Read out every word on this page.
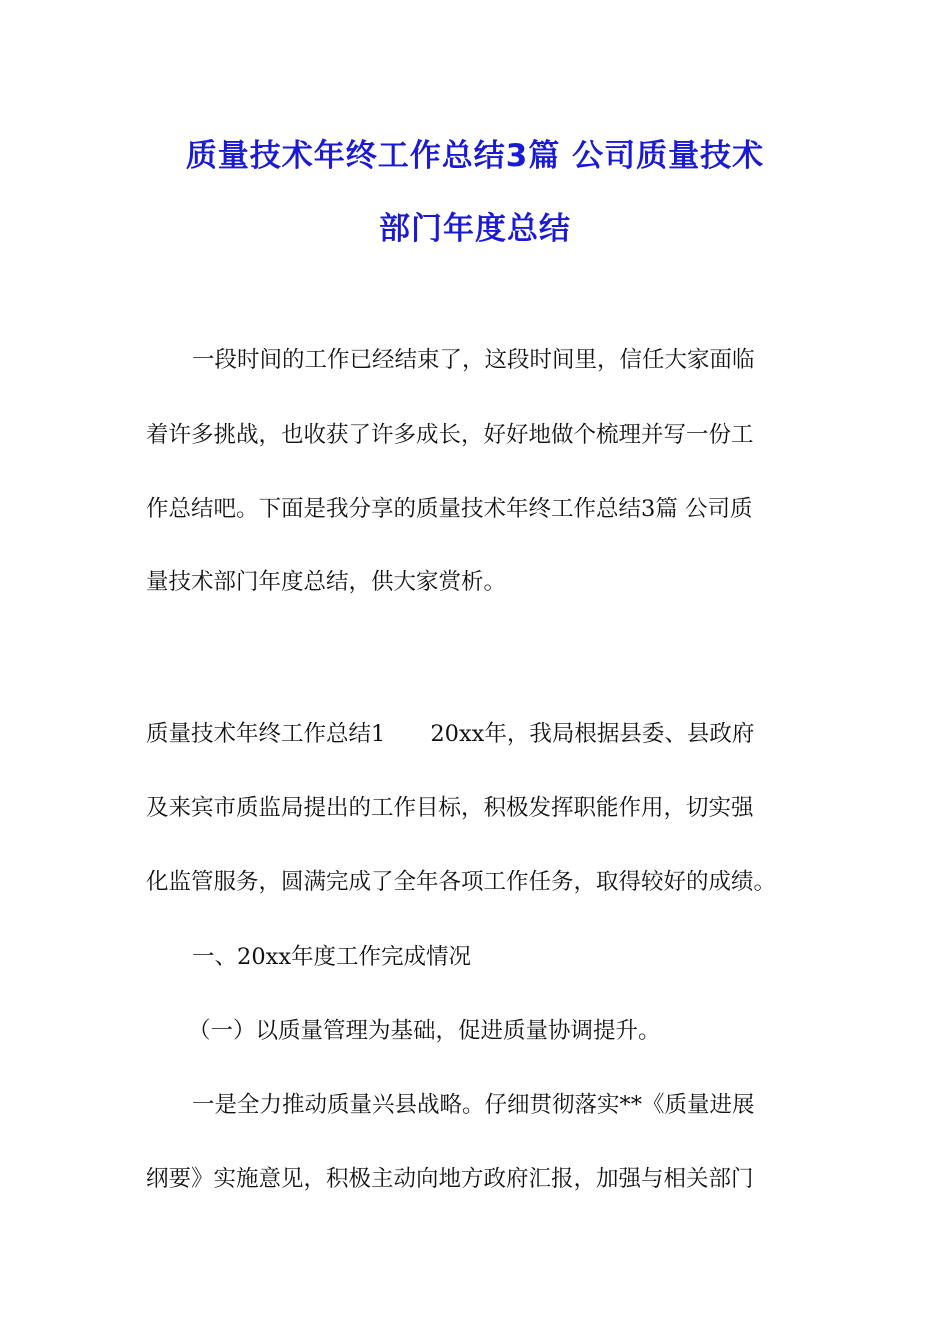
质量技术年终工作总结3篇 公司质量技术
部门年度总结
一段时间的工作已经结束了，这段时间里，信任大家面临
着许多挑战，也收获了许多成长，好好地做个梳理并写一份工
作总结吧。下面是我分享的质量技术年终工作总结3篇 公司质
量技术部门年度总结，供大家赏析。
质量技术年终工作总结1　　20xx年，我局根据县委、县政府
及来宾市质监局提出的工作目标，积极发挥职能作用，切实强
化监管服务，圆满完成了全年各项工作任务，取得较好的成绩。
一、20xx年度工作完成情况
（一）以质量管理为基础，促进质量协调提升。
一是全力推动质量兴县战略。仔细贯彻落实**《质量进展
纲要》实施意见，积极主动向地方政府汇报，加强与相关部门
